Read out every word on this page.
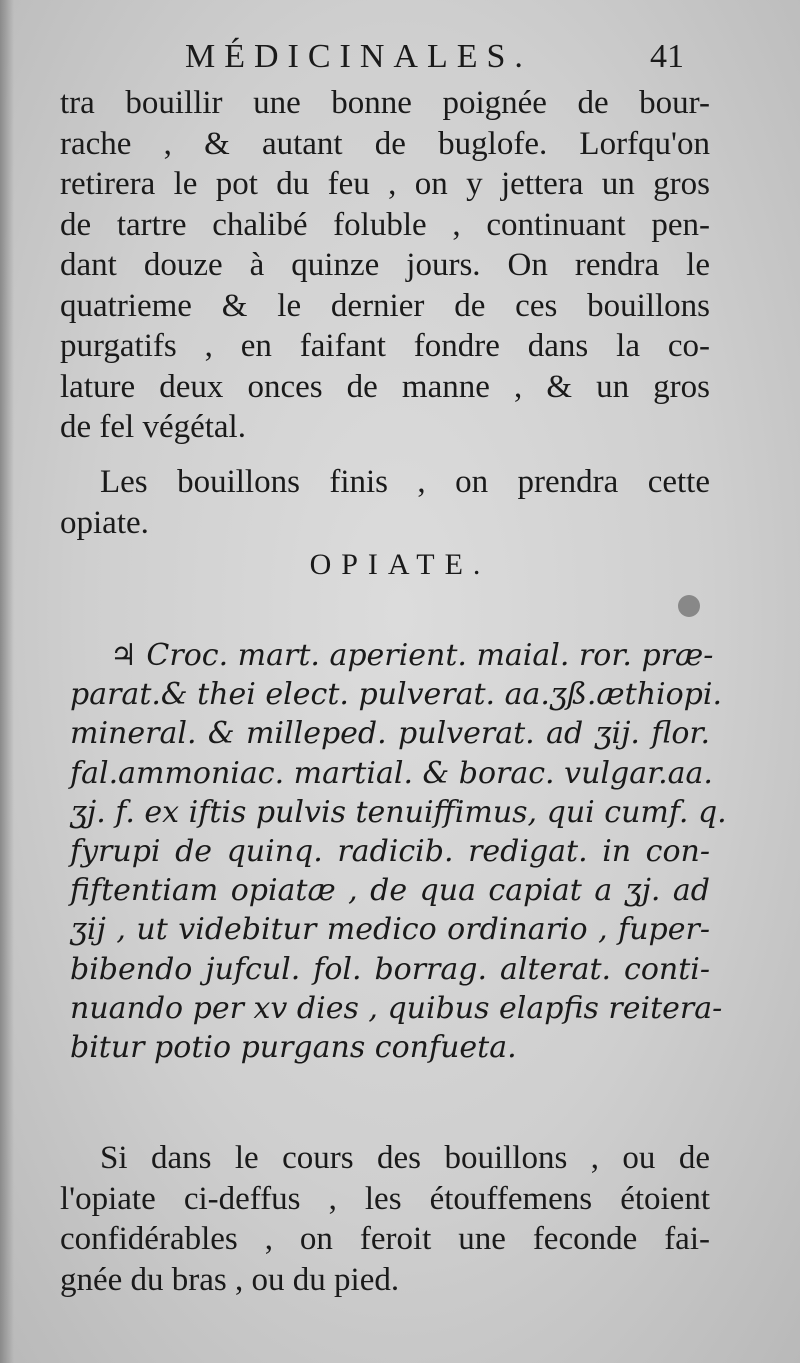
MÉDICINALES.	41
tra bouillir une bonne poignée de bour-
rache , & autant de buglofe. Lorfqu'on
retirera le pot du feu , on y jettera un gros
de tartre chalibé foluble , continuant pen-
dant douze à quinze jours. On rendra le
quatrieme & le dernier de ces bouillons
purgatifs , en faifant fondre dans la co-
lature deux onces de manne , & un gros
de fel végétal.
Les bouillons finis , on prendra cette
opiate.
OPIATE.
♃ Croc. mart. aperient. maial. ror. præ-
parat.& thei elect. pulverat. aa.ʒß.æthiopi.
mineral. & milleped. pulverat. ad ʒij. flor.
fal.ammoniac. martial. & borac. vulgar.aa.
ʒj. f. ex iftis pulvis tenuiffimus, qui cumf. q.
fyrupi de quinq. radicib. redigat. in con-
fiftentiam opiatæ , de qua capiat a ʒj. ad
ʒij , ut videbitur medico ordinario , fuper-
bibendo jufcul. fol. borrag. alterat. conti-
nuando per xv dies , quibus elapfis reitera-
bitur potio purgans confueta.
Si dans le cours des bouillons , ou de
l'opiate ci-deffus , les étouffemens étoient
confidérables , on feroit une feconde fai-
gnée du bras , ou du pied.
